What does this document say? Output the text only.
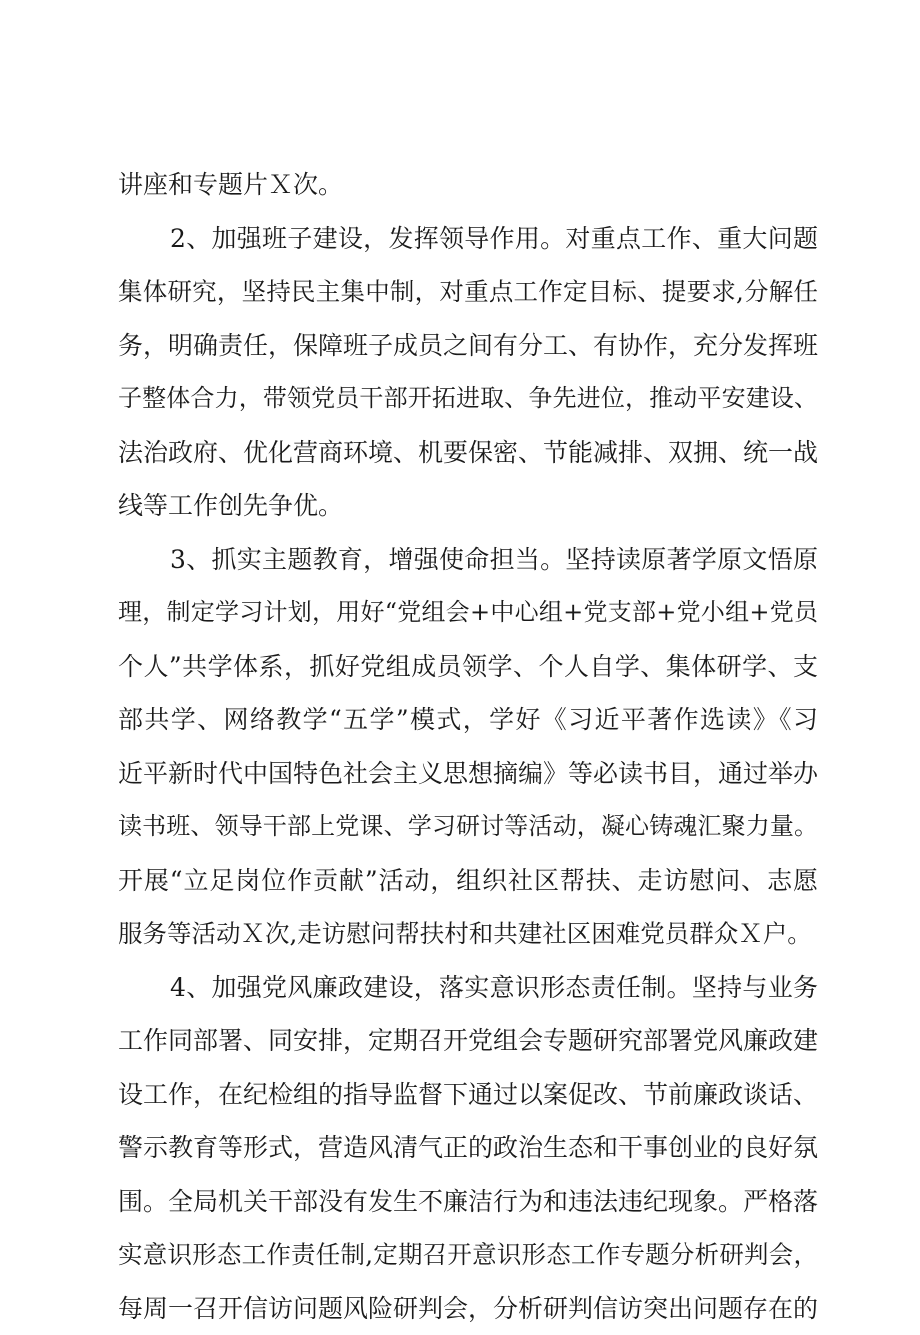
讲座和专题片Ｘ次。
2、加强班子建设，发挥领导作用。对重点工作、重大问题
集体研究，坚持民主集中制，对重点工作定目标、提要求,分解任
务，明确责任，保障班子成员之间有分工、有协作，充分发挥班
子整体合力，带领党员干部开拓进取、争先进位，推动平安建设、
法治政府、优化营商环境、机要保密、节能减排、双拥、统一战
线等工作创先争优。
3、抓实主题教育，增强使命担当。坚持读原著学原文悟原
理，制定学习计划，用好“党组会+中心组+党支部+党小组+党员
个人”共学体系，抓好党组成员领学、个人自学、集体研学、支
部共学、网络教学“五学”模式，学好《习近平著作选读》《习
近平新时代中国特色社会主义思想摘编》等必读书目，通过举办
读书班、领导干部上党课、学习研讨等活动，凝心铸魂汇聚力量。
开展“立足岗位作贡献”活动，组织社区帮扶、走访慰问、志愿
服务等活动Ｘ次,走访慰问帮扶村和共建社区困难党员群众Ｘ户。
4、加强党风廉政建设，落实意识形态责任制。坚持与业务
工作同部署、同安排，定期召开党组会专题研究部署党风廉政建
设工作，在纪检组的指导监督下通过以案促改、节前廉政谈话、
警示教育等形式，营造风清气正的政治生态和干事创业的良好氛
围。全局机关干部没有发生不廉洁行为和违法违纪现象。严格落
实意识形态工作责任制,定期召开意识形态工作专题分析研判会，
每周一召开信访问题风险研判会，分析研判信访突出问题存在的
